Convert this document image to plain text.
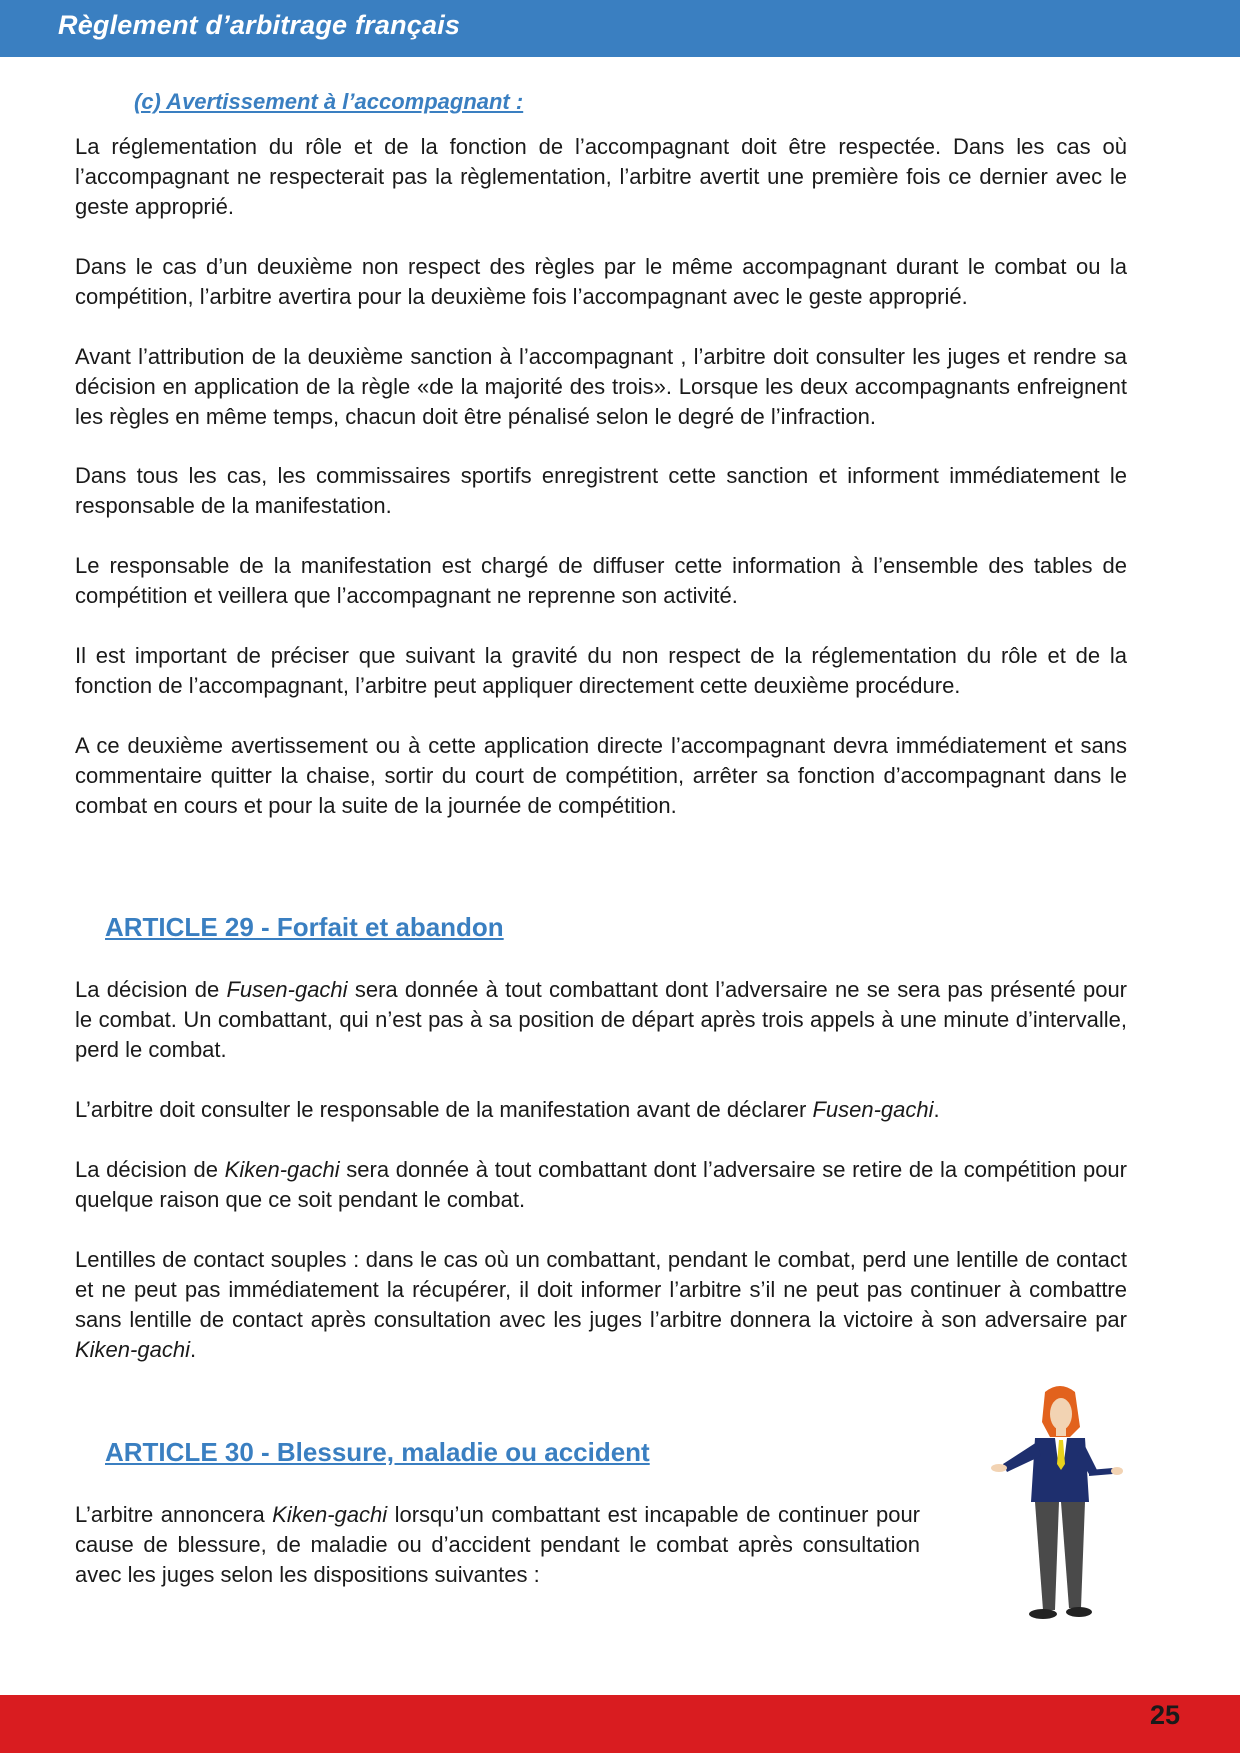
Règlement d’arbitrage français
(c) Avertissement à l’accompagnant :

La réglementation du rôle et de la fonction de l’accompagnant doit être respectée. Dans les cas où l’accompagnant ne respecterait pas la règlementation, l’arbitre avertit une première fois ce dernier avec le geste approprié.

Dans le cas d’un deuxième non respect des règles par le même accompagnant durant le combat ou la compétition, l’arbitre avertira pour la deuxième fois l’accompagnant avec le geste approprié.

Avant l’attribution de la deuxième sanction à l’accompagnant , l’arbitre doit consulter les juges et rendre sa décision en application de la règle «de la majorité des trois». Lorsque les deux accompagnants enfreignent les règles en même temps, chacun doit être pénalisé selon le degré de l’infraction.

Dans tous les cas, les commissaires sportifs enregistrent cette sanction et informent immédiatement le responsable de la manifestation.

Le responsable de la manifestation est chargé de diffuser cette information à l’ensemble des tables de compétition et veillera que l’accompagnant ne reprenne son activité.

Il est important de préciser que suivant la gravité du non respect de la réglementation du rôle et de la fonction de l’accompagnant, l’arbitre peut appliquer directement cette deuxième procédure.

A ce deuxième avertissement ou à cette application directe l’accompagnant devra immédiatement et sans commentaire quitter la chaise, sortir du court de compétition, arrêter sa fonction d’accompagnant dans le combat en cours et pour la suite de la journée de compétition.

ARTICLE 29 - Forfait et abandon

La décision de Fusen-gachi sera donnée à tout combattant dont l’adversaire ne se sera pas présenté pour le combat. Un combattant, qui n’est pas à sa position de départ après trois appels à une minute d’intervalle, perd le combat.

L’arbitre doit consulter le responsable de la manifestation avant de déclarer Fusen-gachi.

La décision de Kiken-gachi sera donnée à tout combattant dont l’adversaire se retire de la compétition pour quelque raison que ce soit pendant le combat.

Lentilles de contact souples : dans le cas où un combattant, pendant le combat, perd une lentille de contact et ne peut pas immédiatement la récupérer, il doit informer l’arbitre s’il ne peut pas continuer à combattre sans lentille de contact après consultation avec les juges l’arbitre donnera la victoire à son adversaire par Kiken-gachi.

ARTICLE 30 - Blessure, maladie ou accident

L’arbitre annoncera Kiken-gachi lorsqu’un combattant est incapable de continuer pour cause de blessure, de maladie ou d’accident pendant le combat après consultation avec les juges selon les dispositions suivantes :

25
